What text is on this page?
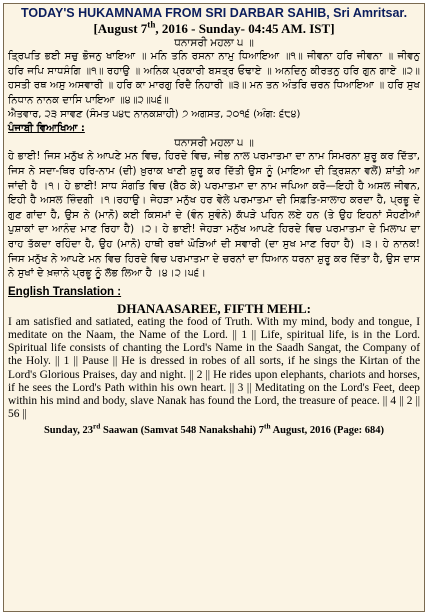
TODAY'S HUKAMNAMA FROM SRI DARBAR SAHIB, Sri Amritsar.
[August 7th, 2016 - Sunday- 04:45 AM. IST]
ਧਨਾਸਰੀ ਮਹਲਾ ੫ ॥
ਤ੍ਰਿਪਤਿ ਭਈ ਸਚੁ ਭੋਜਨੁ ਖਾਇਆ ॥ ਮਨਿ ਤਨਿ ਰਸਨਾ ਨਾਮੁ ਧਿਆਇਆ ॥੧॥ ਜੀਵਨਾ ਹਰਿ ਜੀਵਨਾ ॥ ਜੀਵਨੁ ਹਰਿ ਜਪਿ ਸਾਧਸੰਗਿ ॥੧॥ ਰਹਾਉ ॥ ਅਨਿਕ ਪ੍ਰਕਾਰੀ ਬਸਤ੍ਰ ਓਢਾਏ ॥ ਅਨਦਿਨੁ ਕੀਰਤਨੁ ਹਰਿ ਗੁਨ ਗਾਏ ॥੨॥ ਹਸਤੀ ਰਥ ਅਸੁ ਅਸਵਾਰੀ ॥ ਹਰਿ ਕਾ ਮਾਰਗੁ ਰਿਦੈ ਨਿਹਾਰੀ ॥੩॥ ਮਨ ਤਨ ਅੰਤਰਿ ਚਰਨ ਧਿਆਇਆ ॥ ਹਰਿ ਸੁਖ ਨਿਧਾਨ ਨਾਨਕ ਦਾਸਿ ਪਾਇਆ ॥੪॥੨॥੫੬॥
ਐਤਵਾਰ, ੨੩ ਸਾਵਣ (ਸੰਮਤ ੫੪੮ ਨਾਨਕਸ਼ਾਹੀ) ੭ ਅਗਸਤ, ੨੦੧੬ (ਅੰਗ: ੬੮੪)
ਪੰਜਾਬੀ ਵਿਆਖਿਆ :
ਧਨਾਸਰੀ ਮਹਲਾ ੫ ॥
ਹੇ ਭਾਈ! ਜਿਸ ਮਨੁੱਖ ਨੇ ਆਪਣੇ ਮਨ ਵਿਚ, ਹਿਰਦੇ ਵਿਚ, ਜੀਭ ਨਾਲ ਪਰਮਾਤਮਾ ਦਾ ਨਾਮ ਸਿਮਰਨਾ ਸ਼ੁਰੂ ਕਰ ਦਿੱਤਾ, ਜਿਸ ਨੇ ਸਦਾ-ਥਿਰ ਹਰਿ-ਨਾਮ (ਦੀ) ਖ਼ੁਰਾਕ ਖਾਣੀ ਸ਼ੁਰੂ ਕਰ ਦਿੱਤੀ ਉਸ ਨੂੰ (ਮਾਇਆ ਦੀ ਤ੍ਰਿਸ਼ਨਾ ਵਲੋਂ) ਸ਼ਾਂਤੀ ਆ ਜਾਂਦੀ ਹੈ ।੧। ਹੇ ਭਾਈ! ਸਾਧ ਸੰਗਤਿ ਵਿਚ (ਬੈਠ ਕੇ) ਪਰਮਾਤਮਾ ਦਾ ਨਾਮ ਜਪਿਆ ਕਰੋ—ਇਹੀ ਹੈ ਅਸਲ ਜੀਵਨ, ਇਹੀ ਹੈ ਅਸਲ ਜ਼ਿੰਦਗੀ ।੧।ਰਹਾਉ। ਜੇਹੜਾ ਮਨੁੱਖ ਹਰ ਵੇਲੇ ਪਰਮਾਤਮਾ ਦੀ ਸਿਫ਼ਤਿ-ਸਾਲਾਹ ਕਰਦਾ ਹੈ, ਪ੍ਰਭੂ ਦੇ ਗੁਣ ਗਾਂਦਾ ਹੈ, ਉਸ ਨੇ (ਮਾਨੋ) ਕਈ ਕਿਸਮਾਂ ਦੇ (ਵੰਨ ਸੁਵੰਨੇ) ਕੱਪੜੇ ਪਹਿਨ ਲਏ ਹਨ (ਤੇ ਉਹ ਇਹਨਾਂ ਸੋਹਣੀਆਂ ਪੁਸ਼ਾਕਾਂ ਦਾ ਆਨੰਦ ਮਾਣ ਰਿਹਾ ਹੈ) ।੨। ਹੇ ਭਾਈ! ਜੇਹੜਾ ਮਨੁੱਖ ਆਪਣੇ ਹਿਰਦੇ ਵਿਚ ਪਰਮਾਤਮਾ ਦੇ ਮਿਲਾਪ ਦਾ ਰਾਹ ਤੱਕਦਾ ਰਹਿੰਦਾ ਹੈ, ਉਹ (ਮਾਨੋ) ਹਾਥੀ ਰਥਾਂ ਘੋੜਿਆਂ ਦੀ ਸਵਾਰੀ (ਦਾ ਸੁਖ ਮਾਣ ਰਿਹਾ ਹੈ) ।੩। ਹੇ ਨਾਨਕ! ਜਿਸ ਮਨੁੱਖ ਨੇ ਆਪਣੇ ਮਨ ਵਿਚ ਹਿਰਦੇ ਵਿਚ ਪਰਮਾਤਮਾ ਦੇ ਚਰਨਾਂ ਦਾ ਧਿਆਨ ਧਰਨਾ ਸ਼ੁਰੂ ਕਰ ਦਿੱਤਾ ਹੈ, ਉਸ ਦਾਸ ਨੇ ਸੁਖਾਂ ਦੇ ਖ਼ਜ਼ਾਨੇ ਪ੍ਰਭੂ ਨੂੰ ਲੱਭ ਲਿਆ ਹੈ ।੪।੨।੫੬।
English Translation :
DHANAASAREE, FIFTH MEHL:
I am satisfied and satiated, eating the food of Truth. With my mind, body and tongue, I meditate on the Naam, the Name of the Lord. || 1 || Life, spiritual life, is in the Lord. Spiritual life consists of chanting the Lord's Name in the Saadh Sangat, the Company of the Holy. || 1 || Pause || He is dressed in robes of all sorts, if he sings the Kirtan of the Lord's Glorious Praises, day and night. || 2 || He rides upon elephants, chariots and horses, if he sees the Lord's Path within his own heart. || 3 || Meditating on the Lord's Feet, deep within his mind and body, slave Nanak has found the Lord, the treasure of peace. || 4 || 2 || 56 ||
Sunday, 23rd Saawan (Samvat 548 Nanakshahi) 7th August, 2016 (Page: 684)
